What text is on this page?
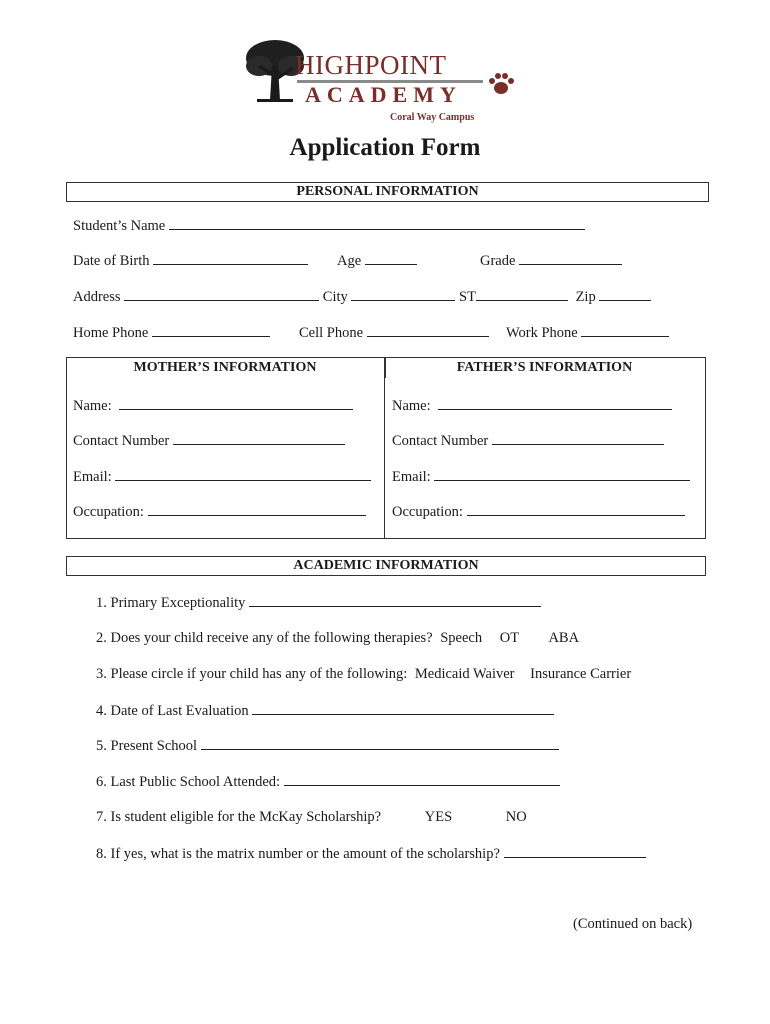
HIGHPOINT
ACADEMY
Coral Way Campus
Application Form
PERSONAL INFORMATION
Student’s Name
Date of Birth	Age	Grade
Address	City	ST	Zip
Home Phone	Cell Phone	Work Phone
MOTHER’S INFORMATION	FATHER’S INFORMATION
Name:	Name:
Contact Number	Contact Number
Email:	Email:
Occupation:	Occupation:
ACADEMIC INFORMATION
1. Primary Exceptionality
2. Does your child receive any of the following therapies? Speech OT ABA
3. Please circle if your child has any of the following: Medicaid Waiver Insurance Carrier
4. Date of Last Evaluation
5. Present School
6. Last Public School Attended:
7. Is student eligible for the McKay Scholarship?	YES	NO
8. If yes, what is the matrix number or the amount of the scholarship?
(Continued on back)
